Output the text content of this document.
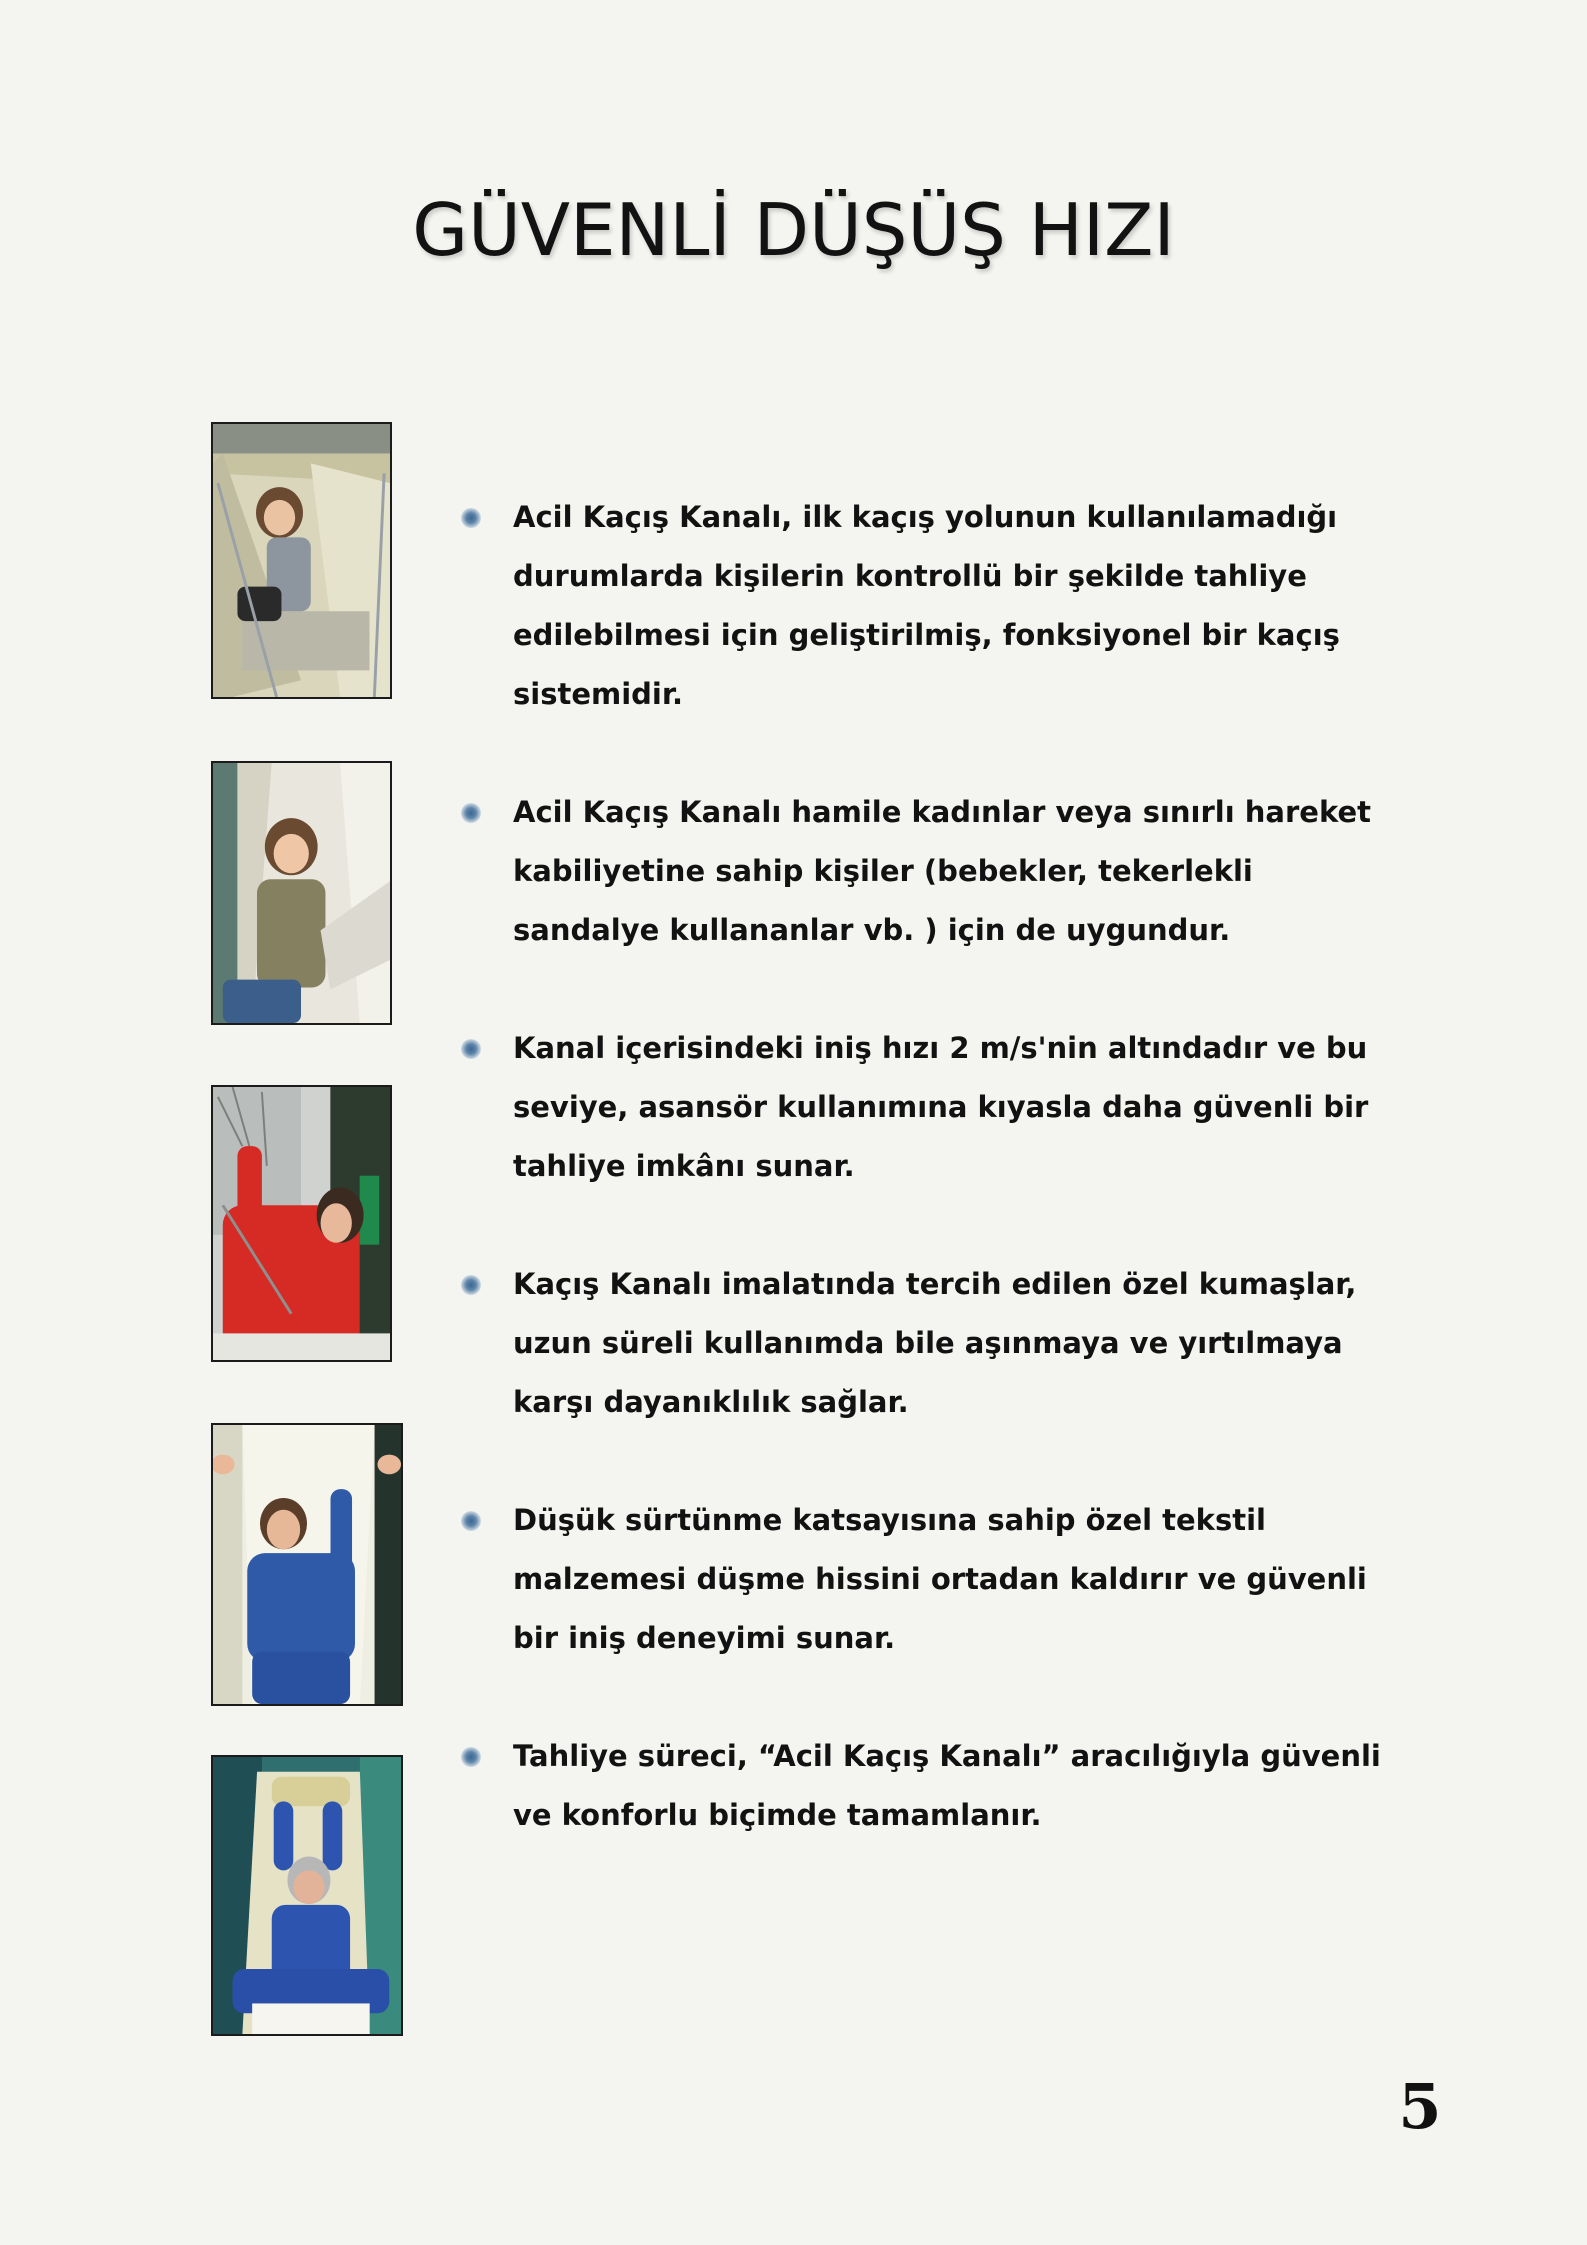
GÜVENLİ DÜŞÜŞ HIZI
Acil Kaçış Kanalı, ilk kaçış yolunun kullanılamadığı durumlarda kişilerin kontrollü bir şekilde tahliye edilebilmesi için geliştirilmiş, fonksiyonel bir kaçış sistemidir.
Acil Kaçış Kanalı hamile kadınlar veya sınırlı hareket kabiliyetine sahip kişiler (bebekler, tekerlekli sandalye kullananlar vb. ) için de uygundur.
Kanal içerisindeki iniş hızı 2 m/s'nin altındadır ve bu seviye, asansör kullanımına kıyasla daha güvenli bir tahliye imkânı sunar.
Kaçış Kanalı imalatında tercih edilen özel kumaşlar, uzun süreli kullanımda bile aşınmaya ve yırtılmaya karşı dayanıklılık sağlar.
Düşük sürtünme katsayısına sahip özel tekstil malzemesi düşme hissini ortadan kaldırır ve güvenli bir iniş deneyimi sunar.
Tahliye süreci, “Acil Kaçış Kanalı” aracılığıyla güvenli ve konforlu biçimde tamamlanır.
5
